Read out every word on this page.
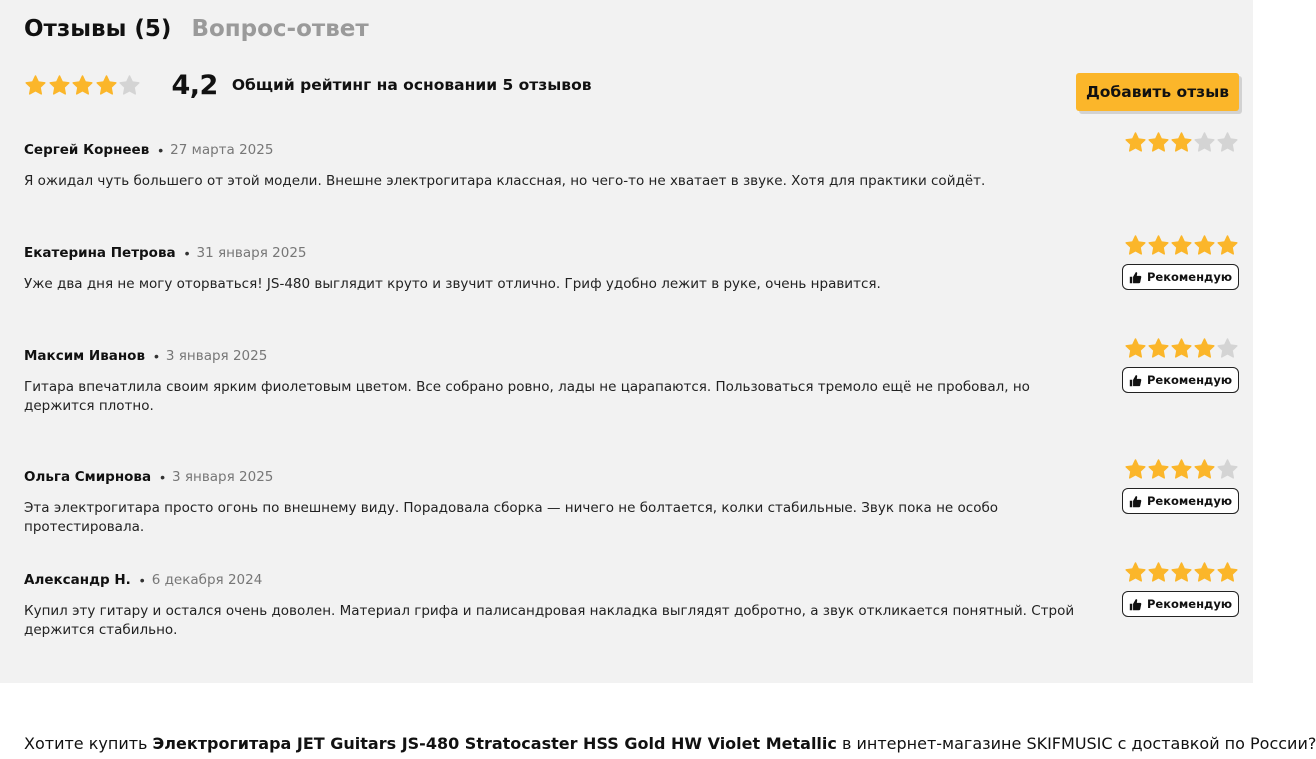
Отзывы (5) Вопрос-ответ
4,2 Общий рейтинг на основании 5 отзывов	Добавить отзыв
Сергей Корнеев • 27 марта 2025
Я ожидал чуть большего от этой модели. Внешне электрогитара классная, но чего-то не хватает в звуке. Хотя для практики сойдёт.
Екатерина Петрова • 31 января 2025
Рекомендую
Уже два дня не могу оторваться! JS-480 выглядит круто и звучит отлично. Гриф удобно лежит в руке, очень нравится.
Максим Иванов • 3 января 2025
Рекомендую
Гитара впечатлила своим ярким фиолетовым цветом. Все собрано ровно, лады не царапаются. Пользоваться тремоло ещё не пробовал, но держится плотно.
Ольга Смирнова • 3 января 2025
Рекомендую
Эта электрогитара просто огонь по внешнему виду. Порадовала сборка — ничего не болтается, колки стабильные. Звук пока не особо протестировала.
Александр Н. • 6 декабря 2024
Рекомендую
Купил эту гитару и остался очень доволен. Материал грифа и палисандровая накладка выглядят добротно, а звук откликается понятный. Строй держится стабильно.
Хотите купить Электрогитара JET Guitars JS-480 Stratocaster HSS Gold HW Violet Metallic в интернет-магазине SKIFMUSIC с доставкой по России?
